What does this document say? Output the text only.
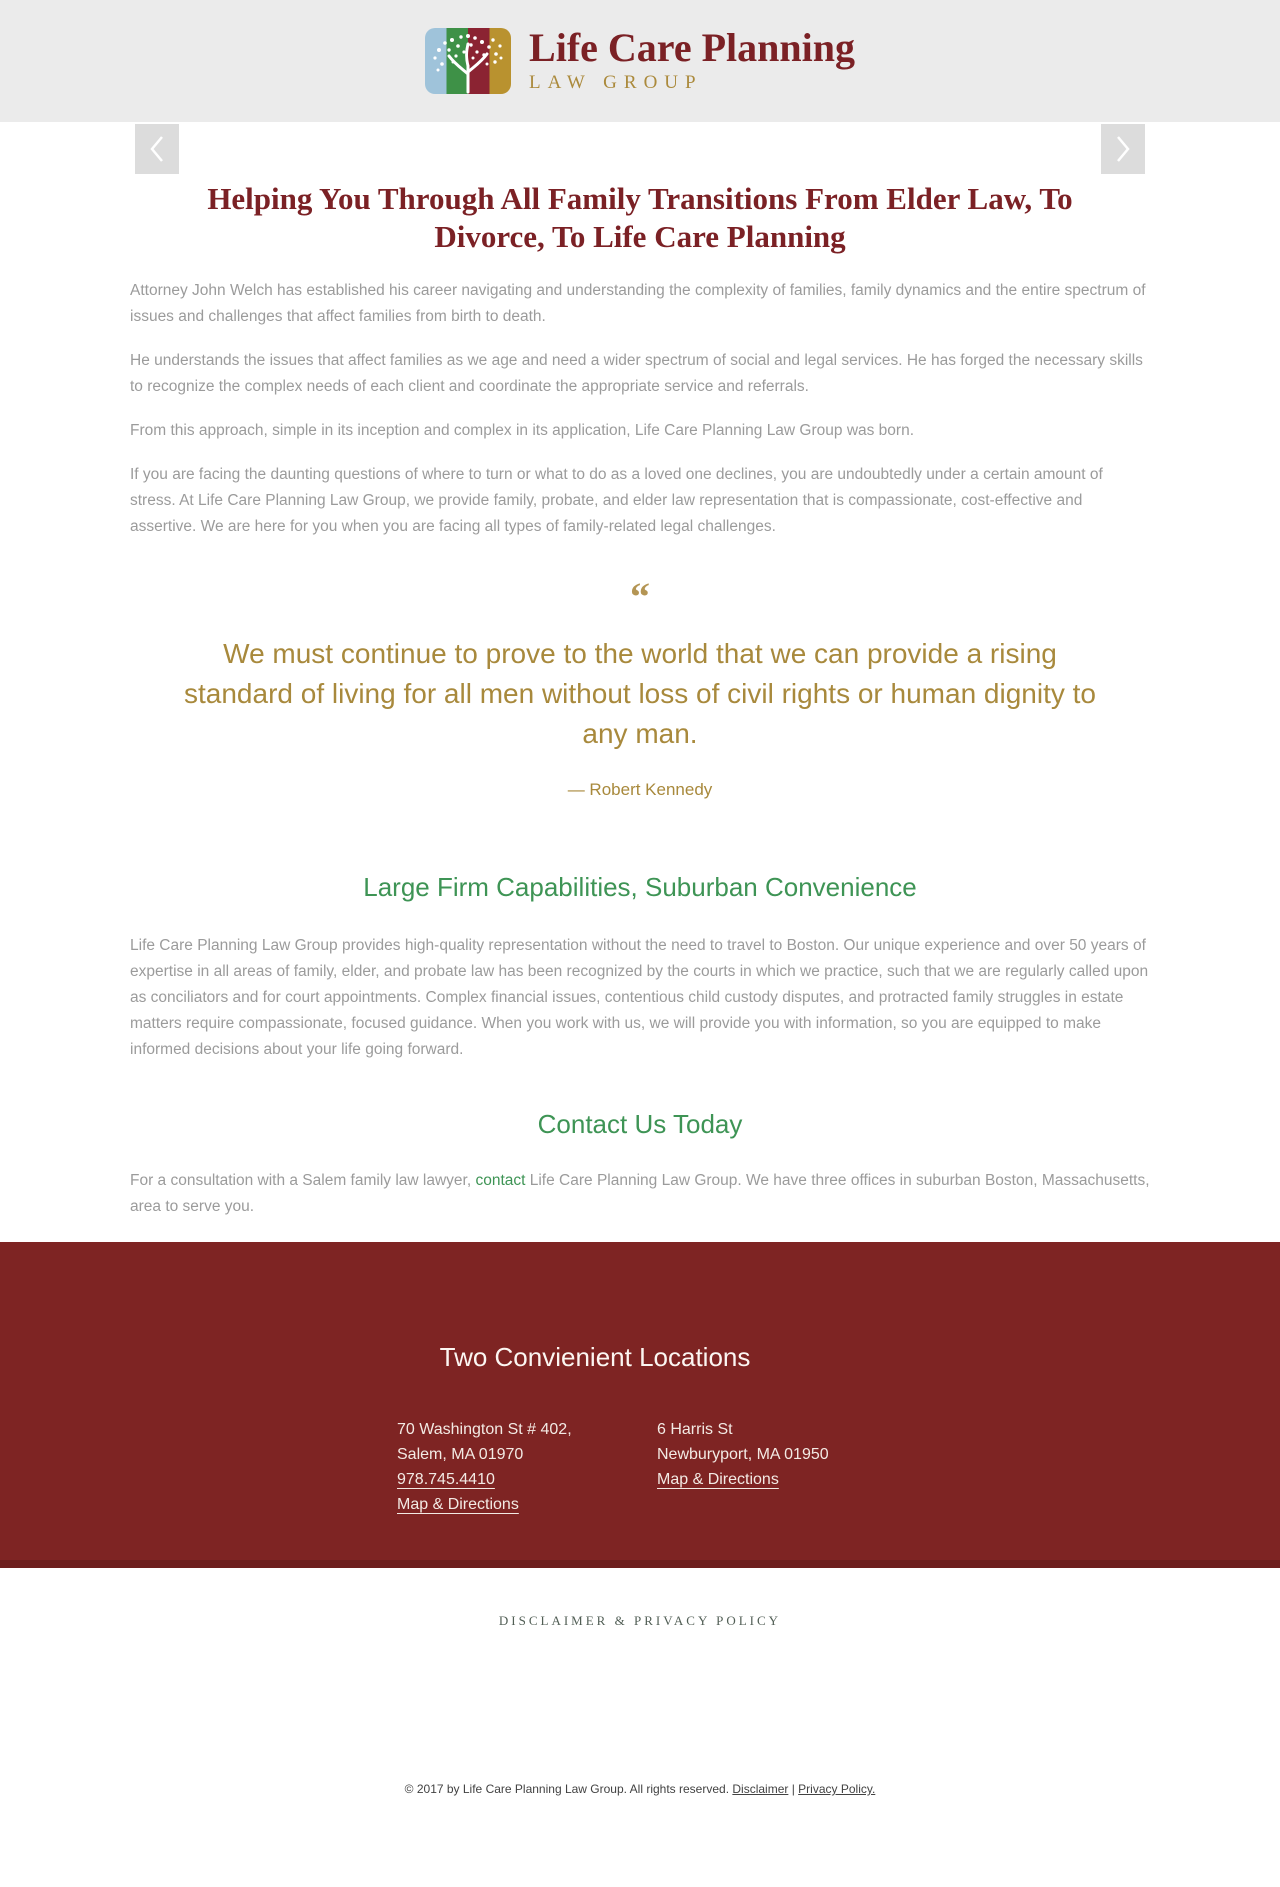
Life Care Planning
LAW GROUP
Helping You Through All Family Transitions From Elder Law, To Divorce, To Life Care Planning

Attorney John Welch has established his career navigating and understanding the complexity of families, family dynamics and the entire spectrum of issues and challenges that affect families from birth to death.

He understands the issues that affect families as we age and need a wider spectrum of social and legal services. He has forged the necessary skills to recognize the complex needs of each client and coordinate the appropriate service and referrals.

From this approach, simple in its inception and complex in its application, Life Care Planning Law Group was born.

If you are facing the daunting questions of where to turn or what to do as a loved one declines, you are undoubtedly under a certain amount of stress. At Life Care Planning Law Group, we provide family, probate, and elder law representation that is compassionate, cost-effective and assertive. We are here for you when you are facing all types of family-related legal challenges.

“
We must continue to prove to the world that we can provide a rising standard of living for all men without loss of civil rights or human dignity to any man.
— Robert Kennedy
Large Firm Capabilities, Suburban Convenience

Life Care Planning Law Group provides high-quality representation without the need to travel to Boston. Our unique experience and over 50 years of expertise in all areas of family, elder, and probate law has been recognized by the courts in which we practice, such that we are regularly called upon as conciliators and for court appointments. Complex financial issues, contentious child custody disputes, and protracted family struggles in estate matters require compassionate, focused guidance. When you work with us, we will provide you with information, so you are equipped to make informed decisions about your life going forward.

Contact Us Today

For a consultation with a Salem family law lawyer, contact Life Care Planning Law Group. We have three offices in suburban Boston, Massachusetts, area to serve you.

Two Convienient Locations
70 Washington St # 402,
Salem, MA 01970
978.745.4410
Map & Directions
6 Harris St
Newburyport, MA 01950
Map & Directions
DISCLAIMER & PRIVACY POLICY

© 2017 by Life Care Planning Law Group. All rights reserved. Disclaimer | Privacy Policy.
